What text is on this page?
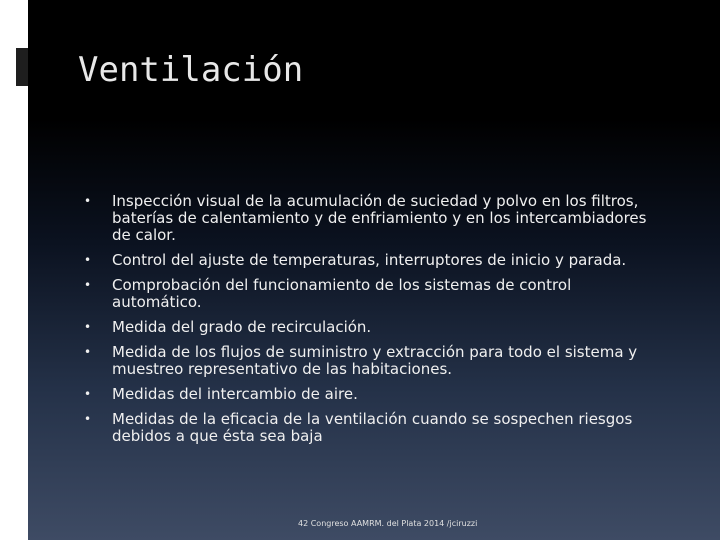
Ventilación
• Inspección visual de la acumulación de suciedad y polvo en los filtros, baterías de calentamiento y de enfriamiento y en los intercambiadores de calor.
• Control del ajuste de temperaturas, interruptores de inicio y parada.
• Comprobación del funcionamiento de los sistemas de control automático.
• Medida del grado de recirculación.
• Medida de los flujos de suministro y extracción para todo el sistema y muestreo representativo de las habitaciones.
• Medidas del intercambio de aire.
• Medidas de la eficacia de la ventilación cuando se sospechen riesgos debidos a que ésta sea baja
42 Congreso AAMRM. del Plata 2014 /jciruzzi
